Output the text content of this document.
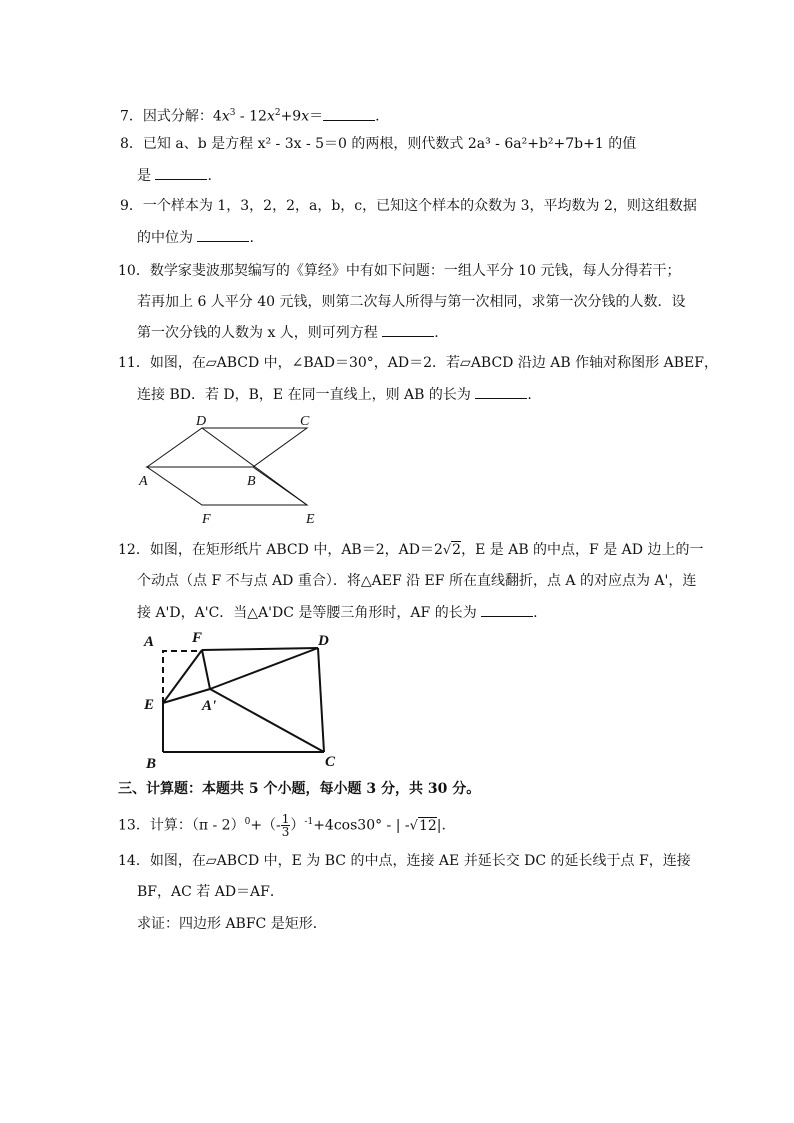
7．因式分解：$4x^3 - 12x^2+9x=$	.
8．已知 a、b 是方程 x² - 3x - 5＝0 的两根，则代数式 2a³ - 6a²+b²+7b+1 的值
是	.
9．一个样本为 1，3，2，2，a，b，c，已知这个样本的众数为 3，平均数为 2，则这组数据
的中位为	.
10．数学家斐波那契编写的《算经》中有如下问题：一组人平分 10 元钱，每人分得若干；
若再加上 6 人平分 40 元钱，则第二次每人所得与第一次相同，求第一次分钱的人数．设
第一次分钱的人数为 x 人，则可列方程	.
11．如图，在▱ABCD 中，∠BAD＝30°，AD＝2．若▱ABCD 沿边 AB 作轴对称图形 ABEF，
连接 BD．若 D，B，E 在同一直线上，则 AB 的长为	.
D	C
A	B
F	E
12．如图，在矩形纸片 ABCD 中，AB＝2，AD＝2√2，E 是 AB 的中点，F 是 AD 边上的一
个动点（点 F 不与点 AD 重合）．将△AEF 沿 EF 所在直线翻折，点 A 的对应点为 A'，连
接 A'D，A'C．当△A'DC 是等腰三角形时，AF 的长为	.
A	F	D
E	A'
B	C
三、计算题：本题共 5 个小题，每小题 3 分，共 30 分。
13．计算：$(\pi - 2)^0+(- \frac{1}{3} )^{-1}+4\cos 30^\circ$ - | -√12|.
14．如图，在▱ABCD 中，E 为 BC 的中点，连接 AE 并延长交 DC 的延长线于点 F，连接
BF，AC 若 AD＝AF．
求证：四边形 ABFC 是矩形．
